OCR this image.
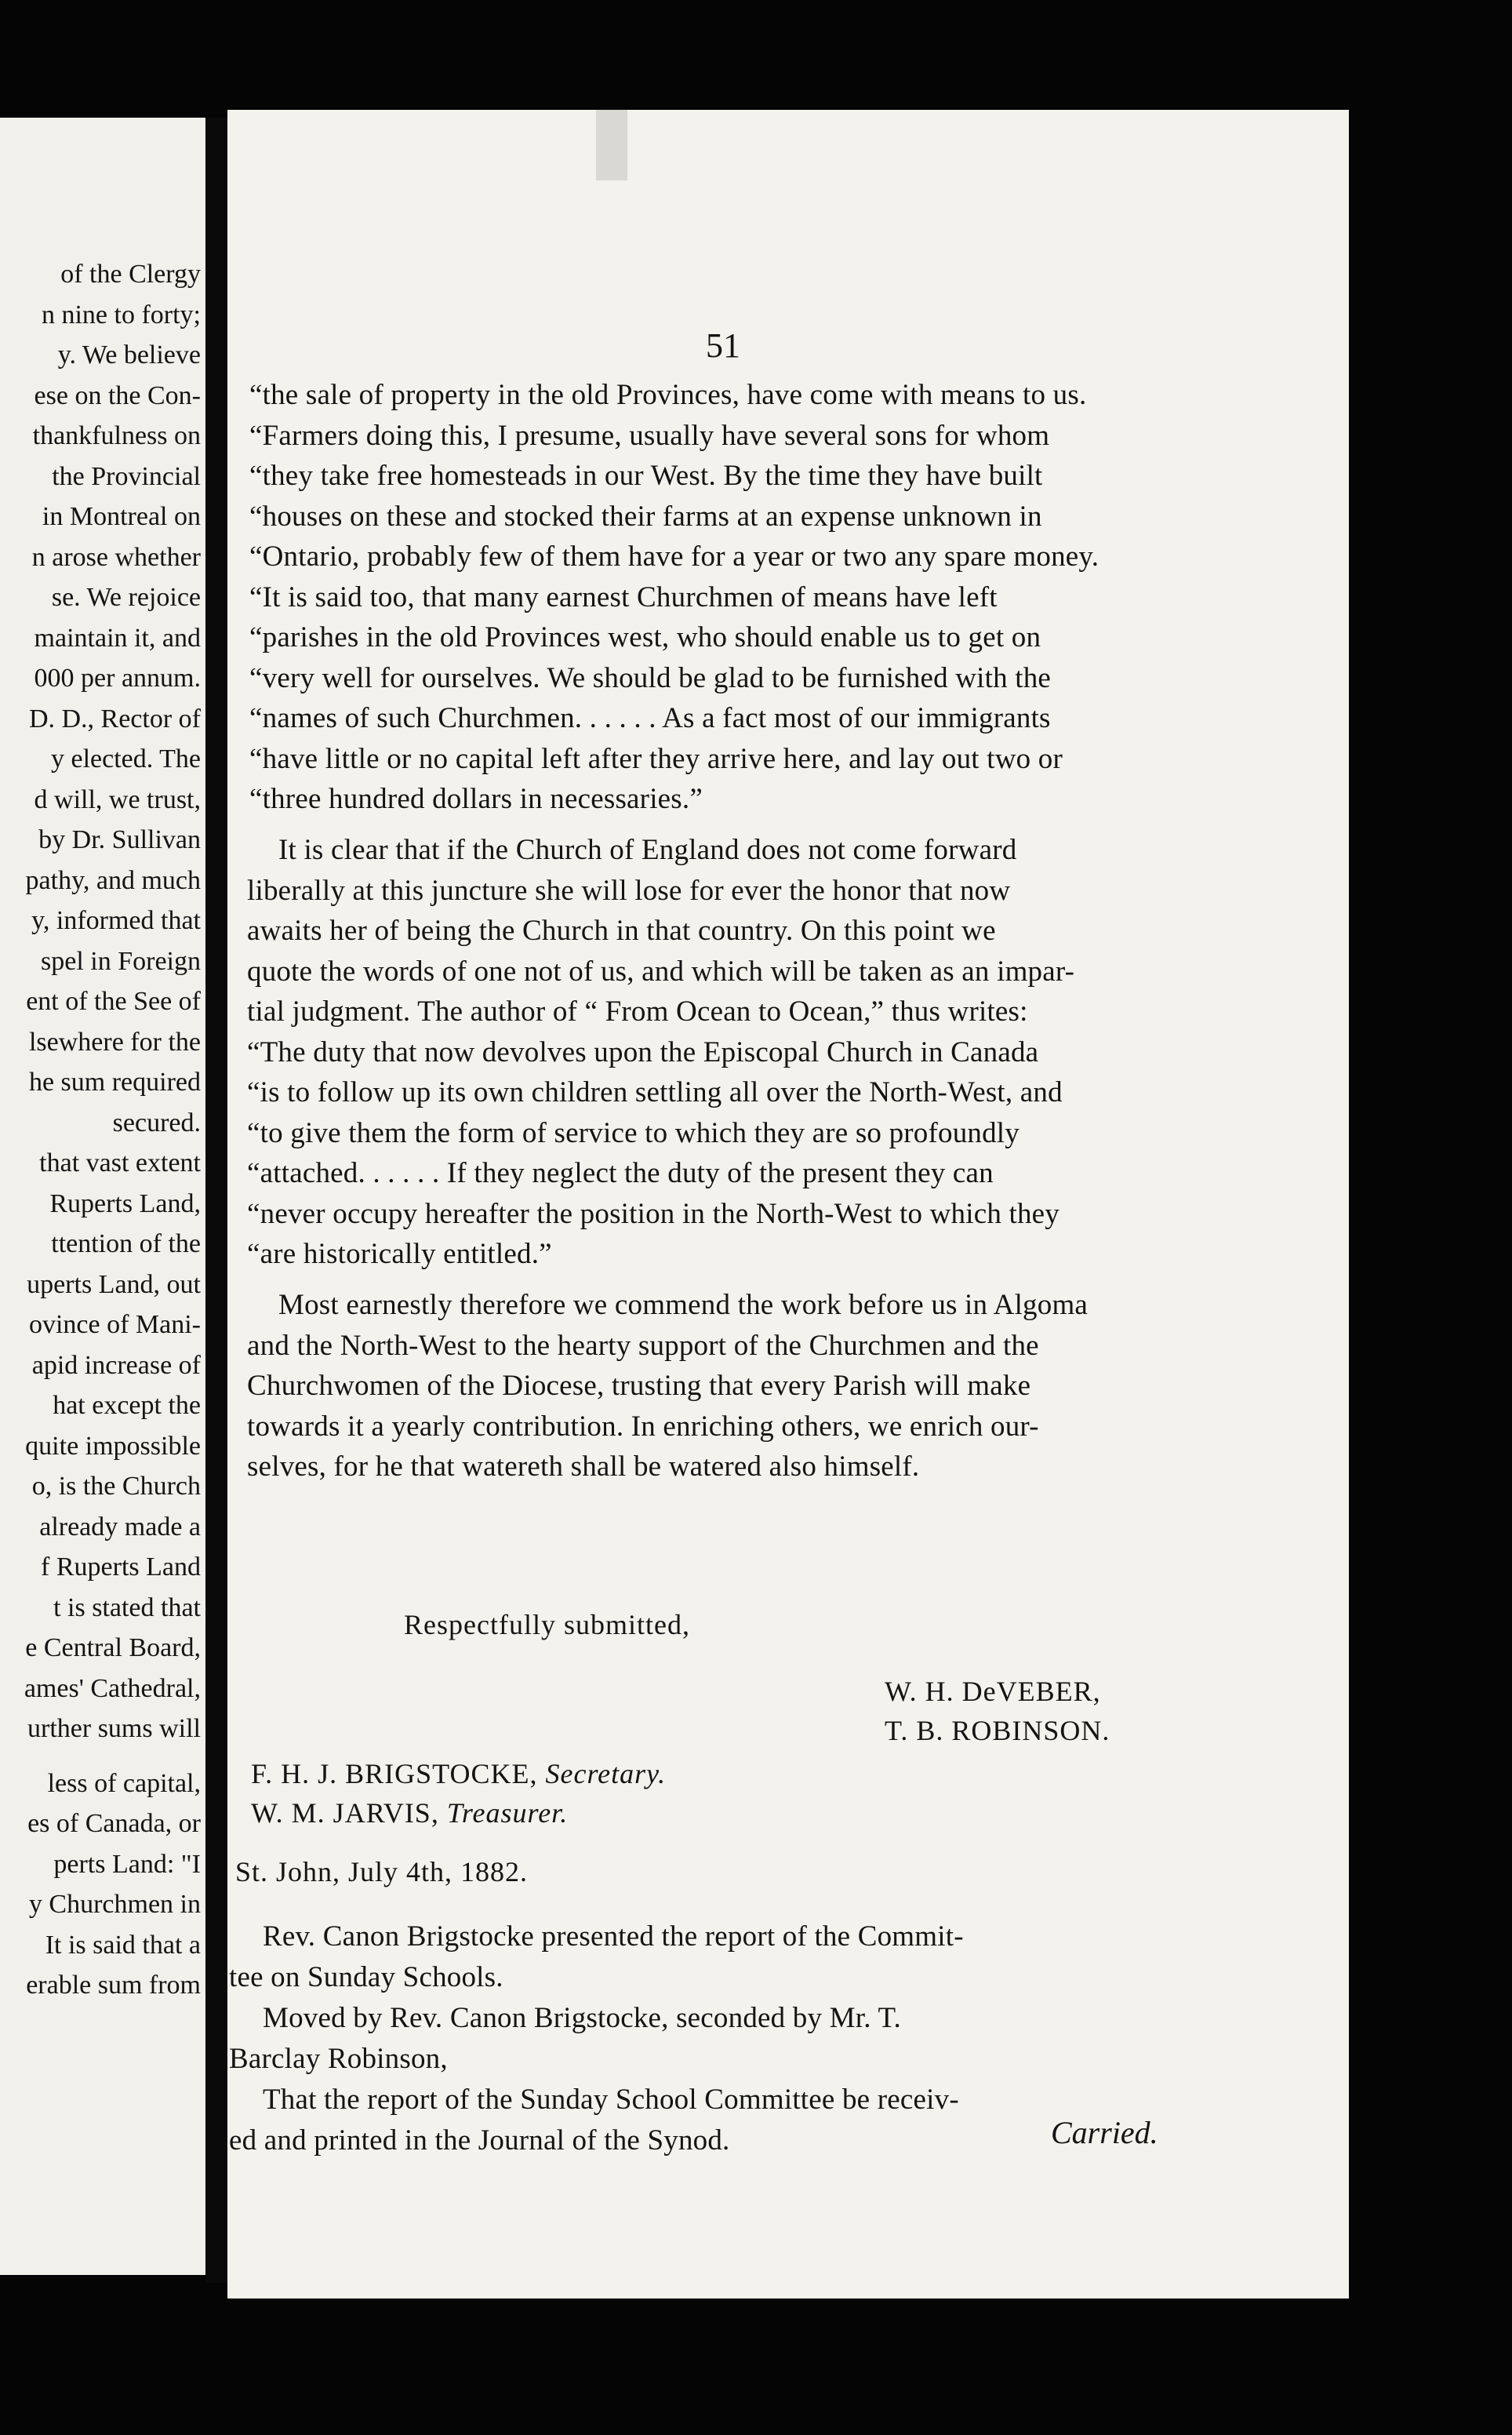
of the Clergy
n nine to forty;
y. We believe
ese on the Con-
thankfulness on
the Provincial
in Montreal on
n arose whether
se. We rejoice
maintain it, and
000 per annum.
D. D., Rector of
y elected. The
d will, we trust,
by Dr. Sullivan
pathy, and much
y, informed that
spel in Foreign
ent of the See of
lsewhere for the
he sum required
secured.
that vast extent
Ruperts Land,
ttention of the
uperts Land, out
ovince of Mani-
apid increase of
hat except the
quite impossible
o, is the Church
already made a
f Ruperts Land
t is stated that
e Central Board,
ames' Cathedral,
urther sums will
less of capital,
es of Canada, or
perts Land: "I
y Churchmen in
It is said that a
erable sum from
51
“the sale of property in the old Provinces, have come with means to us.
“Farmers doing this, I presume, usually have several sons for whom
“they take free homesteads in our West. By the time they have built
“houses on these and stocked their farms at an expense unknown in
“Ontario, probably few of them have for a year or two any spare money.
“It is said too, that many earnest Churchmen of means have left
“parishes in the old Provinces west, who should enable us to get on
“very well for ourselves. We should be glad to be furnished with the
“names of such Churchmen. . . . . . As a fact most of our immigrants
“have little or no capital left after they arrive here, and lay out two or
“three hundred dollars in necessaries.”
It is clear that if the Church of England does not come forward
liberally at this juncture she will lose for ever the honor that now
awaits her of being the Church in that country. On this point we
quote the words of one not of us, and which will be taken as an impar-
tial judgment. The author of “ From Ocean to Ocean,” thus writes:
“The duty that now devolves upon the Episcopal Church in Canada
“is to follow up its own children settling all over the North-West, and
“to give them the form of service to which they are so profoundly
“attached. . . . . . If they neglect the duty of the present they can
“never occupy hereafter the position in the North-West to which they
“are historically entitled.”
Most earnestly therefore we commend the work before us in Algoma
and the North-West to the hearty support of the Churchmen and the
Churchwomen of the Diocese, trusting that every Parish will make
towards it a yearly contribution. In enriching others, we enrich our-
selves, for he that watereth shall be watered also himself.
Respectfully submitted,
W. H. DeVEBER,
T. B. ROBINSON.
F. H. J. BRIGSTOCKE, Secretary.
W. M. JARVIS, Treasurer.
St. John, July 4th, 1882.
Rev. Canon Brigstocke presented the report of the Commit-
tee on Sunday Schools.
Moved by Rev. Canon Brigstocke, seconded by Mr. T.
Barclay Robinson,
That the report of the Sunday School Committee be receiv-
ed and printed in the Journal of the Synod.	Carried.
